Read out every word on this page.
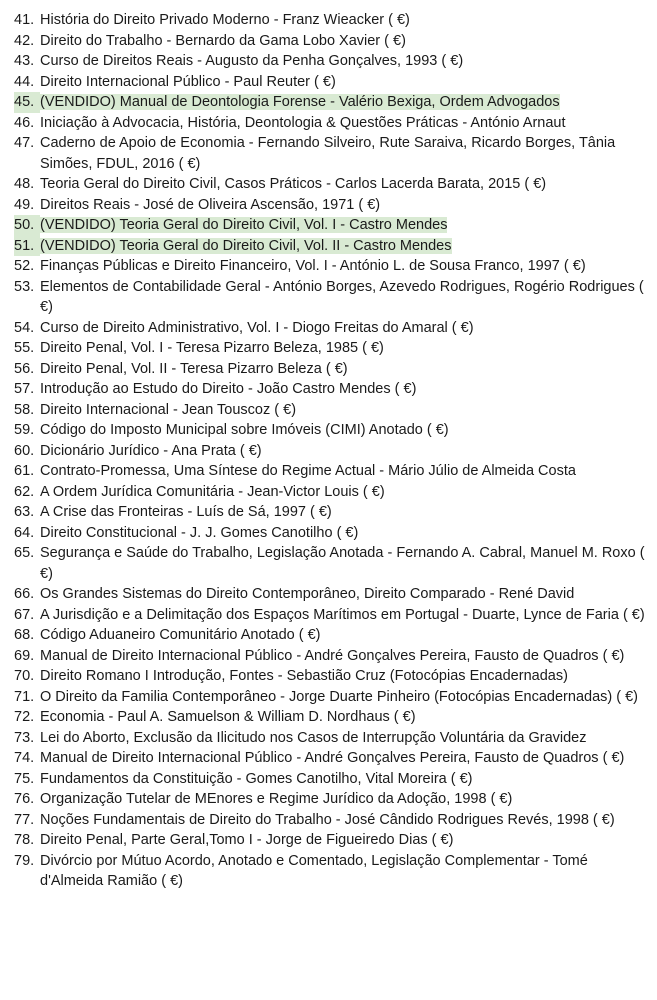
41. História do Direito Privado Moderno - Franz Wieacker ( €)
42. Direito do Trabalho - Bernardo da Gama Lobo Xavier ( €)
43. Curso de Direitos Reais - Augusto da Penha Gonçalves, 1993 ( €)
44. Direito Internacional Público - Paul Reuter ( €)
45. (VENDIDO) Manual de Deontologia Forense - Valério Bexiga, Ordem Advogados
46. Iniciação à Advocacia, História, Deontologia & Questões Práticas - António Arnaut
47. Caderno de Apoio de Economia - Fernando Silveiro, Rute Saraiva, Ricardo Borges, Tânia Simões, FDUL, 2016 ( €)
48. Teoria Geral do Direito Civil, Casos Práticos - Carlos Lacerda Barata, 2015 ( €)
49. Direitos Reais - José de Oliveira Ascensão, 1971 ( €)
50. (VENDIDO) Teoria Geral do Direito Civil, Vol. I - Castro Mendes
51. (VENDIDO) Teoria Geral do Direito Civil, Vol. II - Castro Mendes
52. Finanças Públicas e Direito Financeiro, Vol. I - António L. de Sousa Franco, 1997 ( €)
53. Elementos de Contabilidade Geral - António Borges, Azevedo Rodrigues, Rogério Rodrigues ( €)
54. Curso de Direito Administrativo, Vol. I - Diogo Freitas do Amaral ( €)
55. Direito Penal, Vol. I - Teresa Pizarro Beleza, 1985 ( €)
56. Direito Penal, Vol. II - Teresa Pizarro Beleza ( €)
57. Introdução ao Estudo do Direito - João Castro Mendes ( €)
58. Direito Internacional - Jean Touscoz ( €)
59. Código do Imposto Municipal sobre Imóveis (CIMI) Anotado ( €)
60. Dicionário Jurídico - Ana Prata ( €)
61. Contrato-Promessa, Uma Síntese do Regime Actual - Mário Júlio de Almeida Costa
62. A Ordem Jurídica Comunitária - Jean-Victor Louis ( €)
63. A Crise das Fronteiras - Luís de Sá, 1997 ( €)
64. Direito Constitucional - J. J. Gomes Canotilho ( €)
65. Segurança e Saúde do Trabalho, Legislação Anotada - Fernando A. Cabral, Manuel M. Roxo ( €)
66. Os Grandes Sistemas do Direito Contemporâneo, Direito Comparado - René David
67. A Jurisdição e a Delimitação dos Espaços Marítimos em Portugal - Duarte, Lynce de Faria ( €)
68. Código Aduaneiro Comunitário Anotado ( €)
69. Manual de Direito Internacional Público - André Gonçalves Pereira, Fausto de Quadros ( €)
70. Direito Romano I Introdução, Fontes - Sebastião Cruz (Fotocópias Encadernadas)
71. O Direito da Familia Contemporâneo - Jorge Duarte Pinheiro (Fotocópias Encadernadas) ( €)
72. Economia - Paul A. Samuelson & William D. Nordhaus ( €)
73. Lei do Aborto, Exclusão da Ilicitudo nos Casos de Interrupção Voluntária da Gravidez
74. Manual de Direito Internacional Público - André Gonçalves Pereira, Fausto de Quadros ( €)
75. Fundamentos da Constituição - Gomes Canotilho, Vital Moreira ( €)
76. Organização Tutelar de MEnores e Regime Jurídico da Adoção, 1998 ( €)
77. Noções Fundamentais de Direito do Trabalho - José Cândido Rodrigues Revés, 1998 ( €)
78. Direito Penal, Parte Geral,Tomo I - Jorge de Figueiredo Dias ( €)
79. Divórcio por Mútuo Acordo, Anotado e Comentado, Legislação Complementar - Tomé d'Almeida Ramião ( €)
